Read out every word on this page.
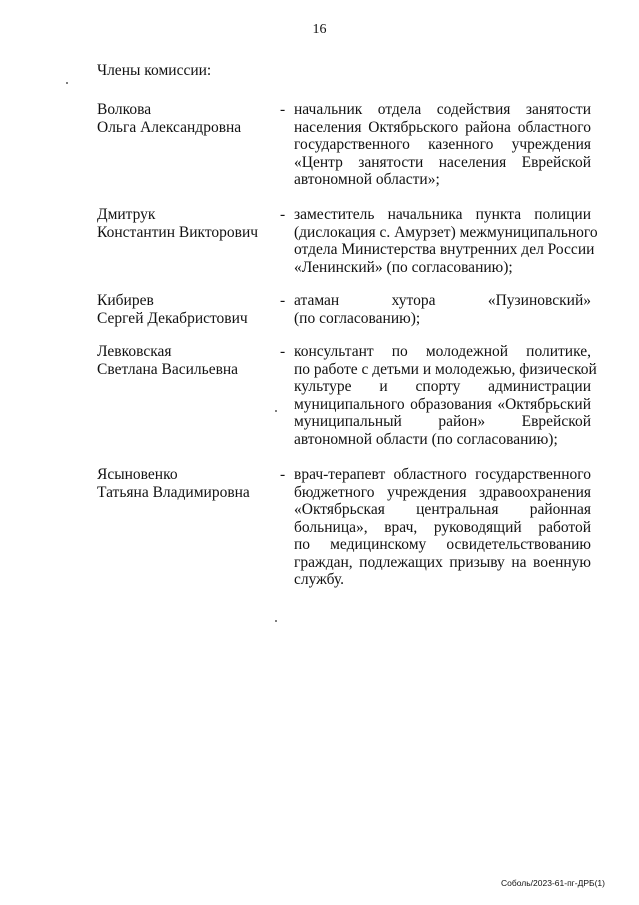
16
Члены комиссии:
Волкова
Ольга Александровна
- начальник отдела содействия занятости
населения Октябрьского района областного
государственного казенного учреждения
«Центр занятости населения Еврейской
автономной области»;
Дмитрук
Константин Викторович
- заместитель начальника пункта полиции
(дислокация с. Амурзет) межмуниципального
отдела Министерства внутренних дел России
«Ленинский» (по согласованию);
Кибирев
Сергей Декабристович
- атаман хутора «Пузиновский»
(по согласованию);
Левковская
Светлана Васильевна
- консультант по молодежной политике,
по работе с детьми и молодежью, физической
культуре и спорту администрации
муниципального образования «Октябрьский
муниципальный район» Еврейской
автономной области (по согласованию);
Ясыновенко
Татьяна Владимировна
- врач-терапевт областного государственного
бюджетного учреждения здравоохранения
«Октябрьская центральная районная
больница», врач, руководящий работой
по медицинскому освидетельствованию
граждан, подлежащих призыву на военную
службу.
Соболь/2023-61-пг-ДРБ(1)
